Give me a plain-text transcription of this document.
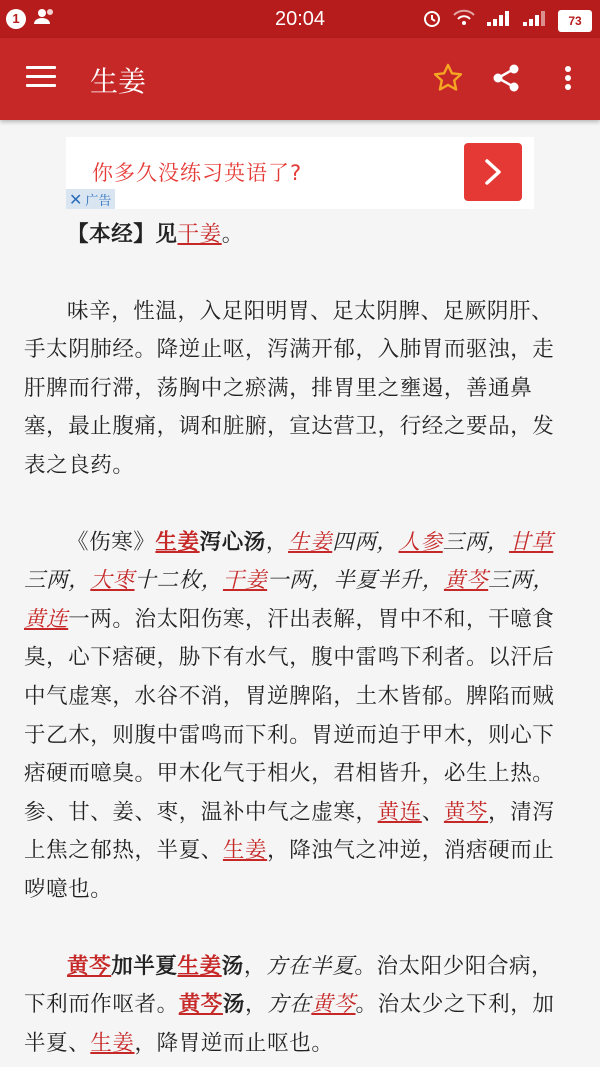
1	20:04	73
生姜
你多久没练习英语了?
✕ 广告

【本经】见干姜。

味辛，性温，入足阳明胃、足太阴脾、足厥阴肝、手太阴肺经。降逆止呕，泻满开郁，入肺胃而驱浊，走肝脾而行滞，荡胸中之瘀满，排胃里之壅遏，善通鼻塞，最止腹痛，调和脏腑，宣达营卫，行经之要品，发表之良药。

《伤寒》生姜泻心汤，生姜四两，人参三两，甘草三两，大枣十二枚，干姜一两，半夏半升，黄芩三两，黄连一两。治太阳伤寒，汗出表解，胃中不和，干噫食臭，心下痞硬，胁下有水气，腹中雷鸣下利者。以汗后中气虚寒，水谷不消，胃逆脾陷，土木皆郁。脾陷而贼于乙木，则腹中雷鸣而下利。胃逆而迫于甲木，则心下痞硬而噫臭。甲木化气于相火，君相皆升，必生上热。参、甘、姜、枣，温补中气之虚寒，黄连、黄芩，清泻上焦之郁热，半夏、生姜，降浊气之冲逆，消痞硬而止哕噫也。

黄芩加半夏生姜汤，方在半夏。治太阳少阳合病，下利而作呕者。黄芩汤，方在黄芩。治太少之下利，加半夏、生姜，降胃逆而止呕也。
